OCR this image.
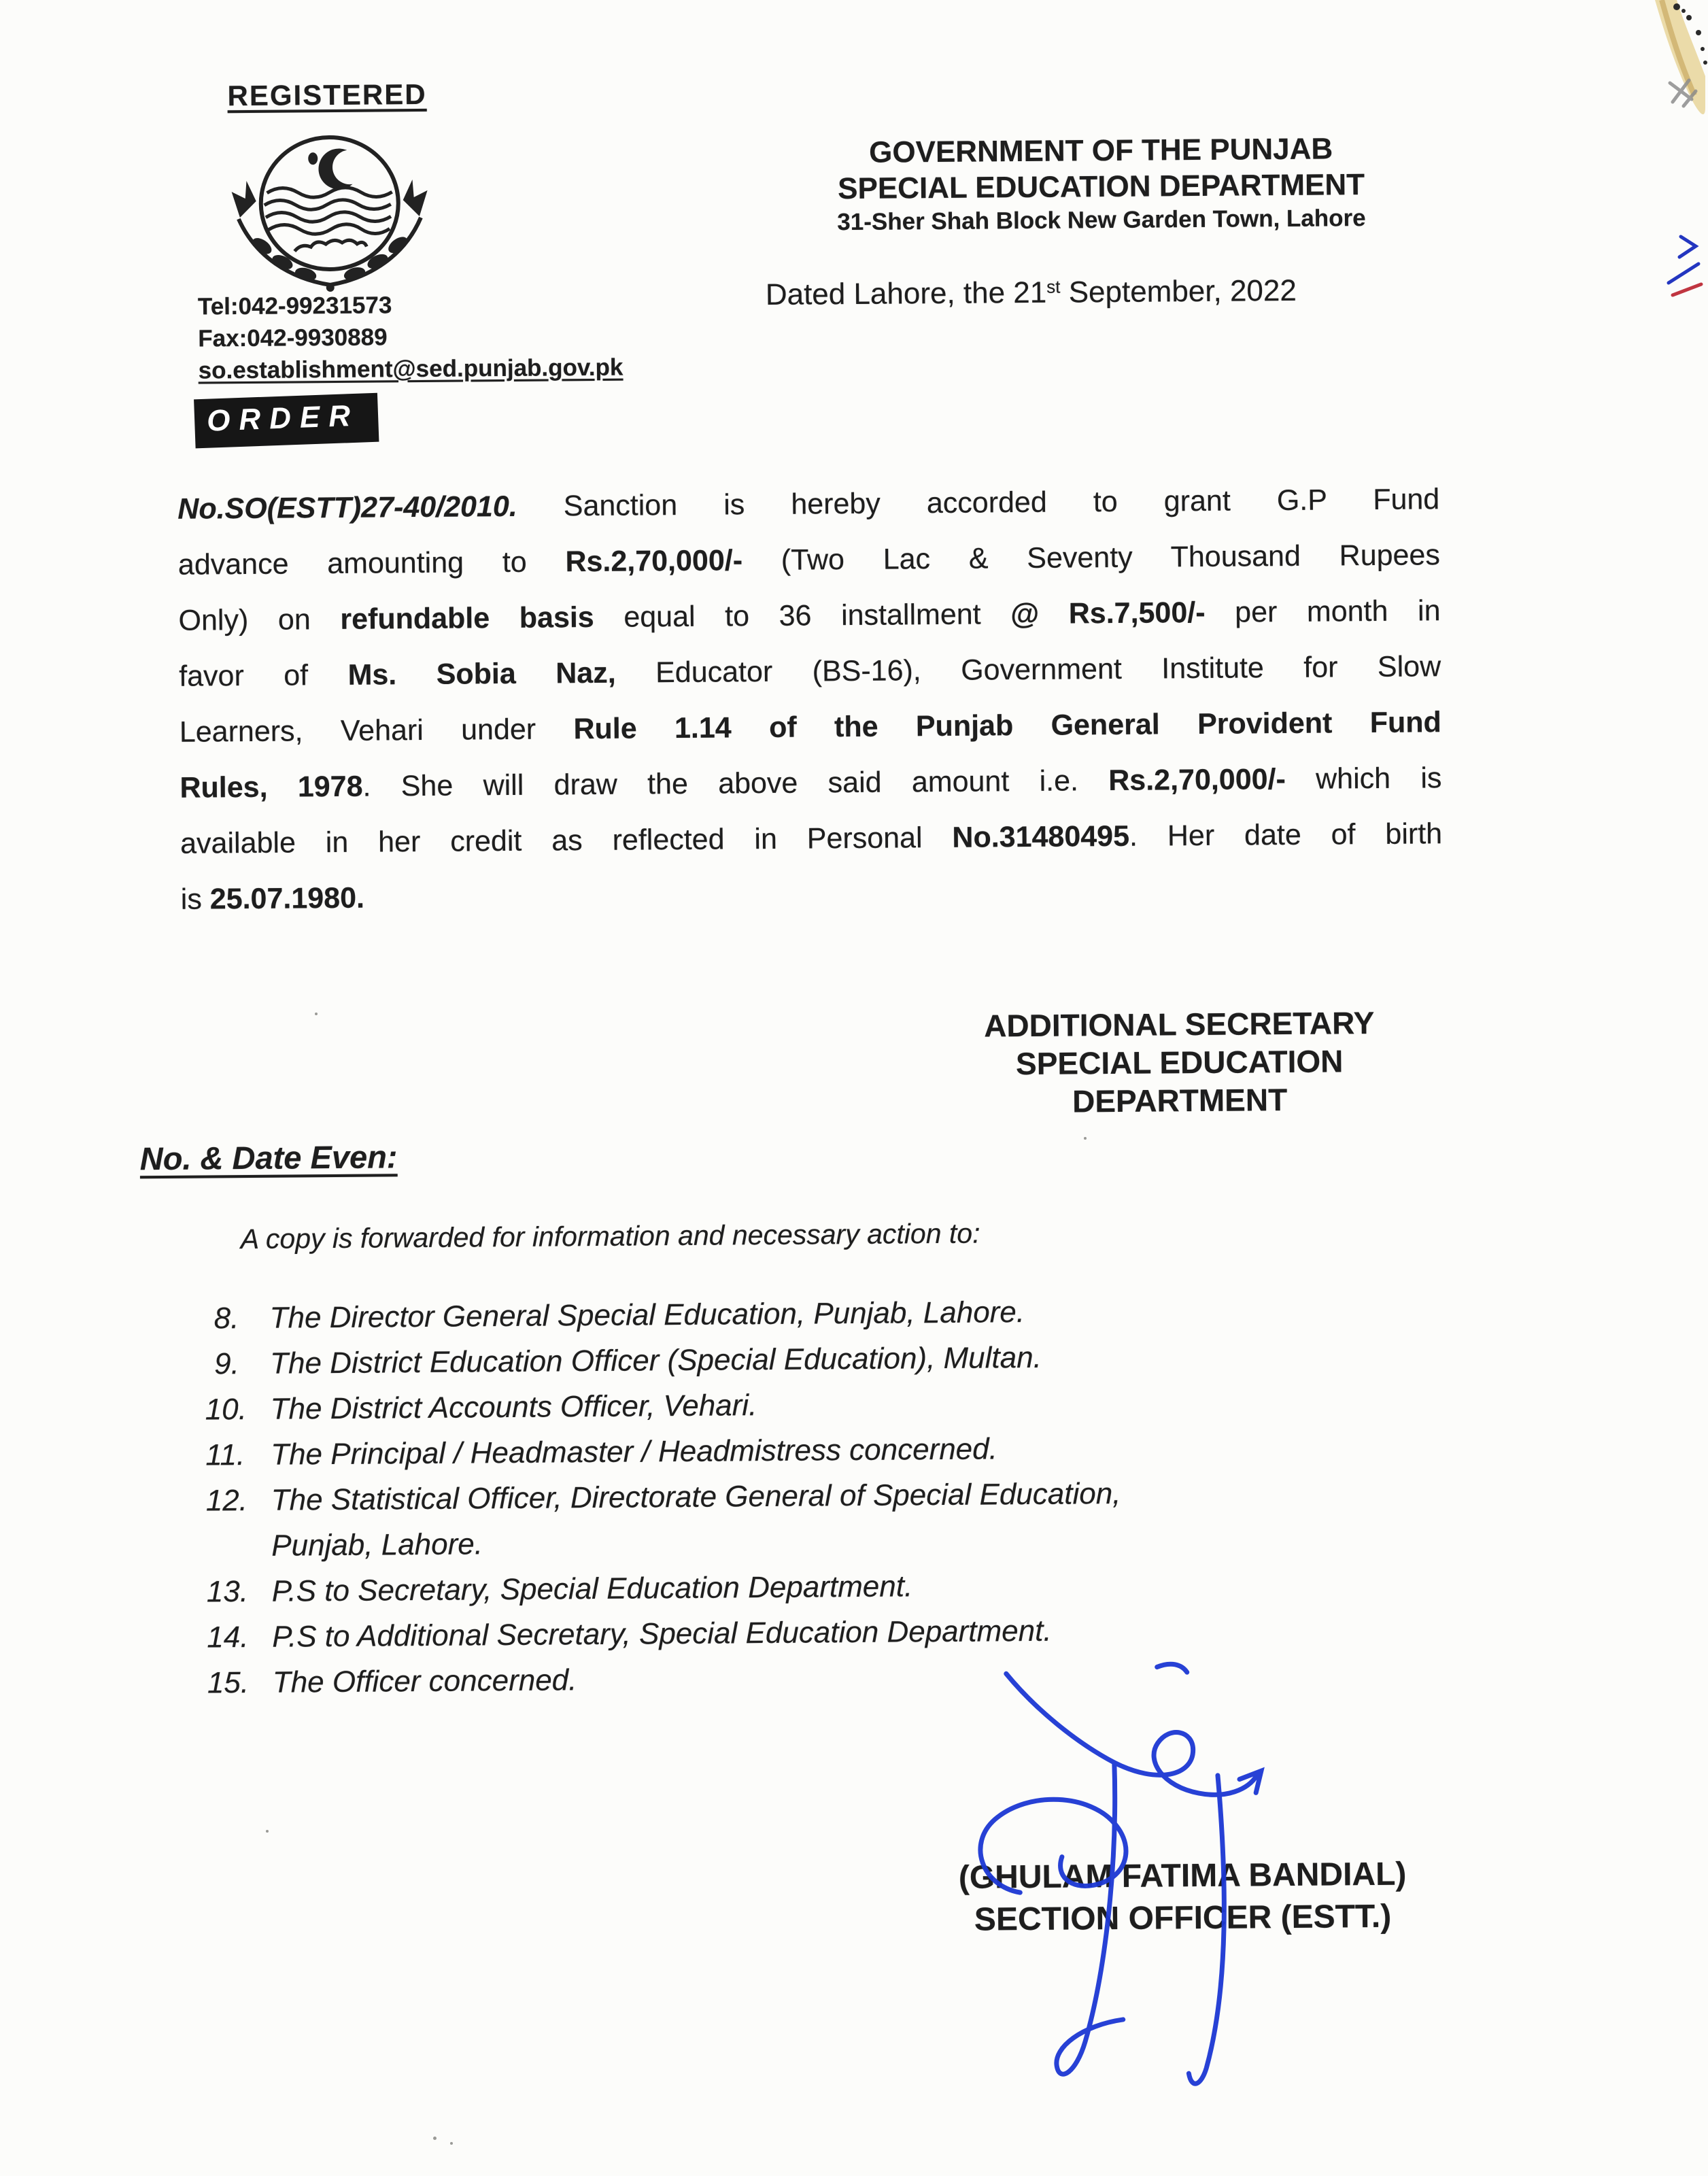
REGISTERED
GOVERNMENT OF THE PUNJAB
SPECIAL EDUCATION DEPARTMENT
31-Sher Shah Block New Garden Town, Lahore
Dated Lahore, the 21st September, 2022
Tel:042-99231573
Fax:042-9930889
so.establishment@sed.punjab.gov.pk
ORDER
No.SO(ESTT)27-40/2010. Sanction is hereby accorded to grant G.P Fund
advance amounting to Rs.2,70,000/- (Two Lac & Seventy Thousand Rupees
Only) on refundable basis equal to 36 installment @ Rs.7,500/- per month in
favor of Ms. Sobia Naz, Educator (BS-16), Government Institute for Slow
Learners, Vehari under Rule 1.14 of the Punjab General Provident Fund
Rules, 1978. She will draw the above said amount i.e. Rs.2,70,000/- which is
available in her credit as reflected in Personal No.31480495. Her date of birth
is 25.07.1980.
ADDITIONAL SECRETARY
SPECIAL EDUCATION
DEPARTMENT
No. & Date Even:
A copy is forwarded for information and necessary action to:
8.	The Director General Special Education, Punjab, Lahore.
9.	The District Education Officer (Special Education), Multan.
10. The District Accounts Officer, Vehari.
11. The Principal / Headmaster / Headmistress concerned.
12. The Statistical Officer, Directorate General of Special Education,
Punjab, Lahore.
13. P.S to Secretary, Special Education Department.
14. P.S to Additional Secretary, Special Education Department.
15. The Officer concerned.
(GHULAM FATIMA BANDIAL)
SECTION OFFICER (ESTT.)
